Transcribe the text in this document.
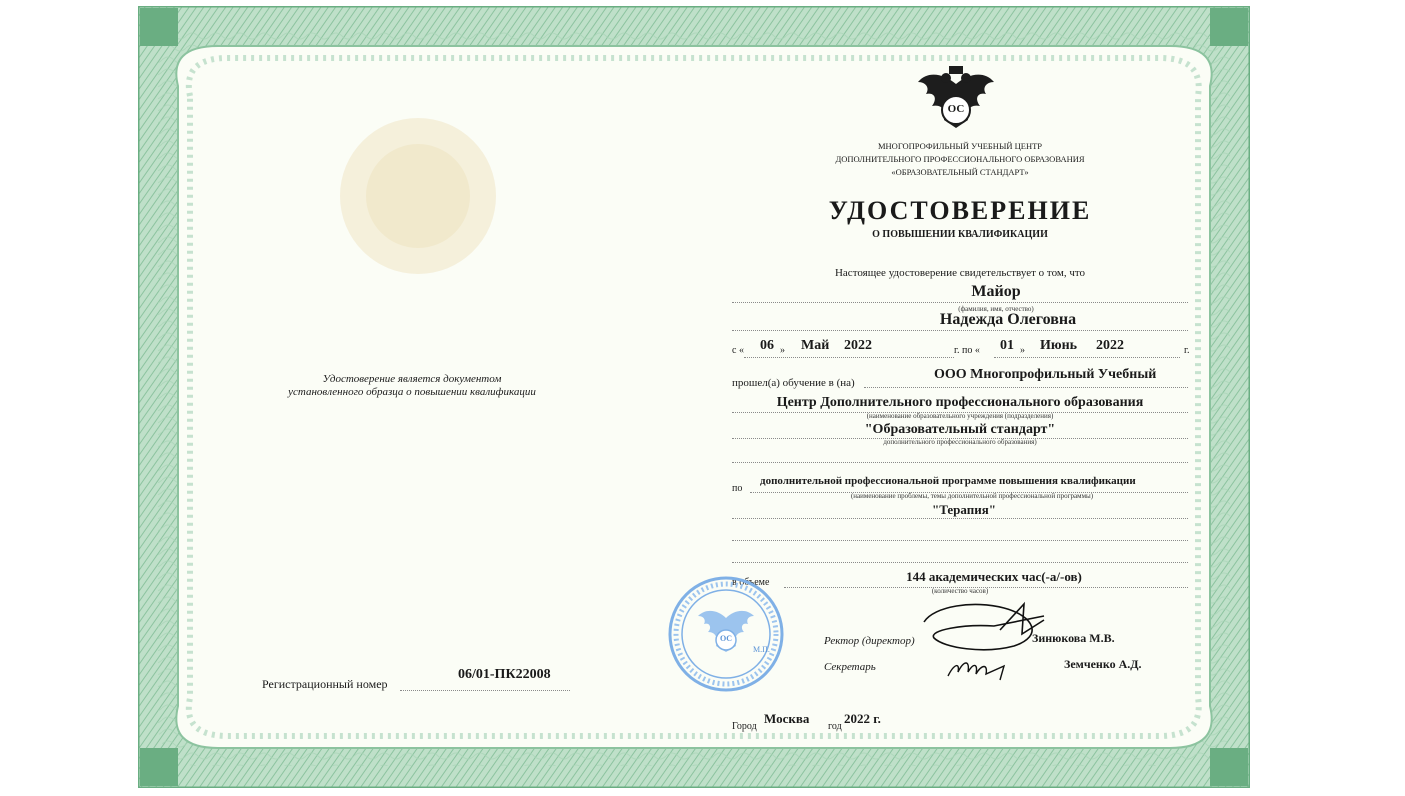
Удостоверение является документом
установленного образца о повышении квалификации
Регистрационный номер
06/01-ПК22008
ОС
МНОГОПРОФИЛЬНЫЙ УЧЕБНЫЙ ЦЕНТР
ДОПОЛНИТЕЛЬНОГО ПРОФЕССИОНАЛЬНОГО ОБРАЗОВАНИЯ
«ОБРАЗОВАТЕЛЬНЫЙ СТАНДАРТ»
УДОСТОВЕРЕНИЕ
О ПОВЫШЕНИИ КВАЛИФИКАЦИИ
Настоящее удостоверение свидетельствует о том, что
Майор
(фамилия, имя, отчество)
Надежда Олеговна
с « 06 » Май 2022	г. по « 01 » Июнь 2022	г.
прошел(а) обучение в (на)
ООО Многопрофильный Учебный
Центр Дополнительного профессионального образования
(наименование образовательного учреждения (подразделения)
"Образовательный стандарт"
дополнительного профессионального образования)
по
дополнительной профессиональной программе повышения квалификации
(наименование проблемы, темы дополнительной профессиональной программы)
"Терапия"
в объеме	144 академических час(-а/-ов)
(количество часов)
ОС
М.П.
Ректор (директор)	Зинюкова М.В.
Секретарь	Земченко А.Д.
Город
Москва
год
2022 г.
